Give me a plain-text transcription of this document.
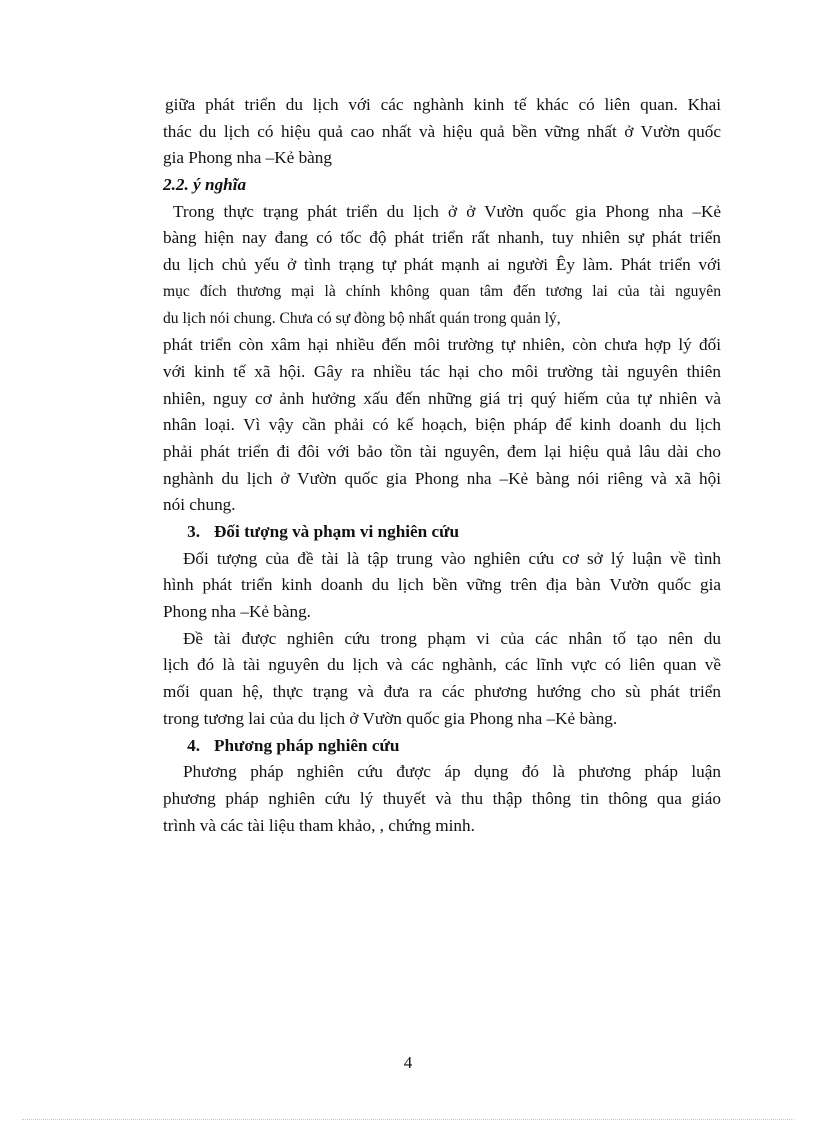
giữa phát triển du lịch với các nghành kinh tế khác có liên quan. Khai
thác du lịch có hiệu quả cao nhất và hiệu quả bền vững nhất ở Vườn quốc
gia Phong nha –Kẻ bàng
2.2. ý nghĩa
Trong thực trạng phát triển du lịch ở ở Vườn quốc gia Phong nha –Kẻ
bàng hiện nay đang có tốc độ phát triển rất nhanh, tuy nhiên sự phát triển
du lịch chủ yếu ở tình trạng tự phát mạnh ai người Êy làm. Phát triển với
mục đích thương mại là chính không quan tâm đến tương lai của tài nguyên
du lịch nói chung. Chưa có sự đòng bộ nhất quán trong quản lý,
phát triển còn xâm hại nhiều đến môi trường tự nhiên, còn chưa hợp lý đối
với kinh tế xã hội. Gây ra nhiều tác hại cho môi trường tài nguyên thiên
nhiên, nguy cơ ảnh hưởng xấu đến những giá trị quý hiếm của tự nhiên và
nhân loại. Vì vậy cần phải có kế hoạch, biện pháp để kinh doanh du lịch
phải phát triển đi đôi với bảo tồn tài nguyên, đem lại hiệu quả lâu dài cho
nghành du lịch ở Vườn quốc gia Phong nha –Kẻ bàng nói riêng và xã hội
nói chung.
3. Đối tượng và phạm vi nghiên cứu
Đối tượng của đề tài là tập trung vào nghiên cứu cơ sở lý luận về tình
hình phát triển kinh doanh du lịch bền vững trên địa bàn Vườn quốc gia
Phong nha –Kẻ bàng.
Đề tài được nghiên cứu trong phạm vi của các nhân tố tạo nên du
lịch đó là tài nguyên du lịch và các nghành, các lĩnh vực có liên quan về
mối quan hệ, thực trạng và đưa ra các phương hướng cho sù phát triển
trong tương lai của du lịch ở Vườn quốc gia Phong nha –Kẻ bàng.
4. Phương pháp nghiên cứu
Phương pháp nghiên cứu được áp dụng đó là phương pháp luận
phương pháp nghiên cứu lý thuyết và thu thập thông tin thông qua giáo
trình và các tài liệu tham khảo, , chứng minh.
4
